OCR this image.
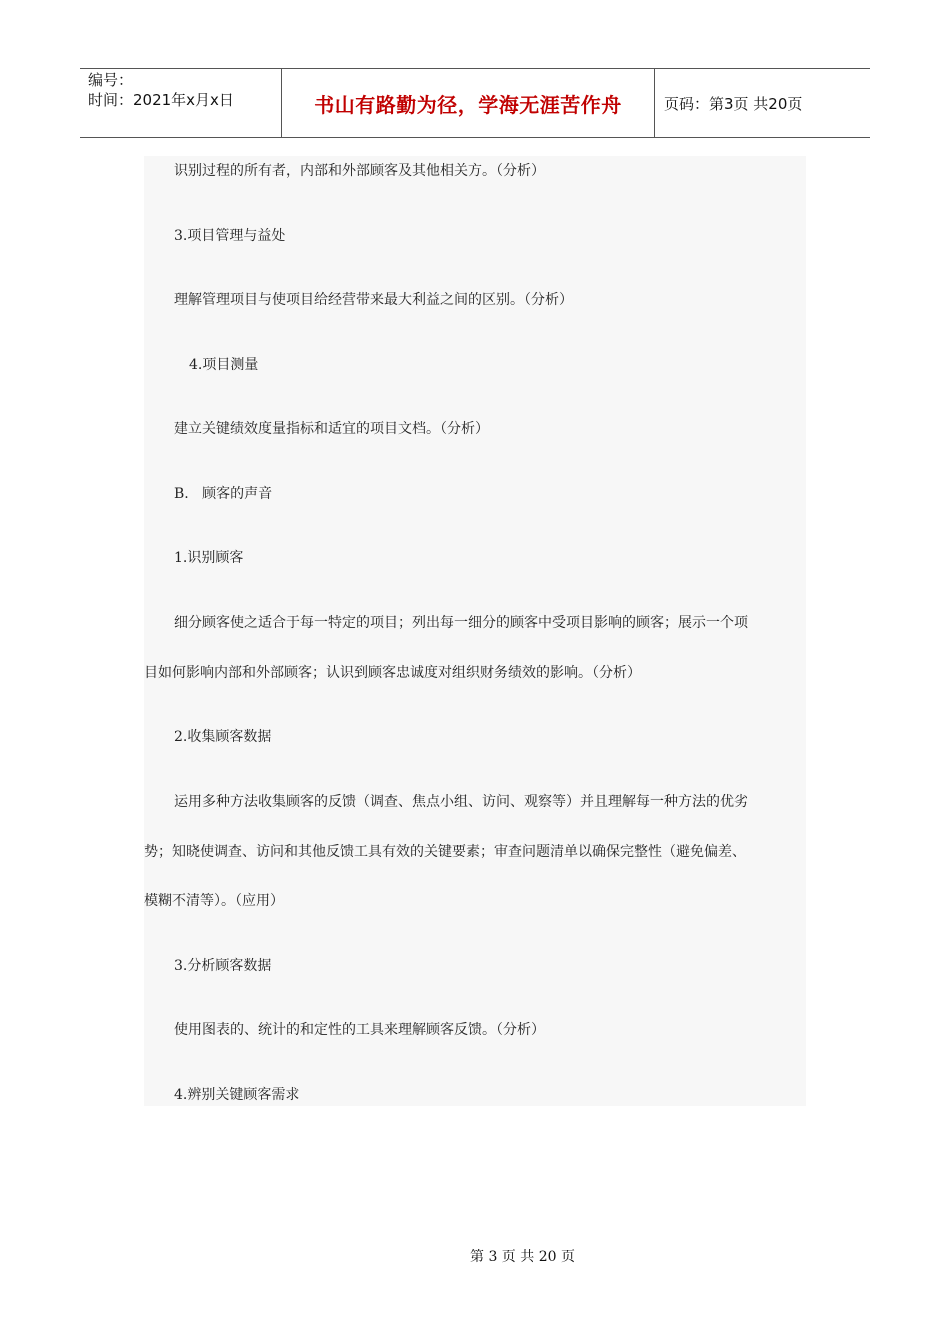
编号：
时间：2021年x月x日	书山有路勤为径，学海无涯苦作舟	页码：第3页 共20页
识别过程的所有者，内部和外部顾客及其他相关方。（分析）
3.项目管理与益处
理解管理项目与使项目给经营带来最大利益之间的区别。（分析）
4.项目测量
建立关键绩效度量指标和适宜的项目文档。（分析）
B.   顾客的声音
1.识别顾客
细分顾客使之适合于每一特定的项目；列出每一细分的顾客中受项目影响的顾客；展示一个项
目如何影响内部和外部顾客；认识到顾客忠诚度对组织财务绩效的影响。（分析）
2.收集顾客数据
运用多种方法收集顾客的反馈（调查、焦点小组、访问、观察等）并且理解每一种方法的优劣
势；知晓使调查、访问和其他反馈工具有效的关键要素；审查问题清单以确保完整性（避免偏差、
模糊不清等）。（应用）
3.分析顾客数据
使用图表的、统计的和定性的工具来理解顾客反馈。（分析）
4.辨别关键顾客需求
第 3 页 共 20 页
